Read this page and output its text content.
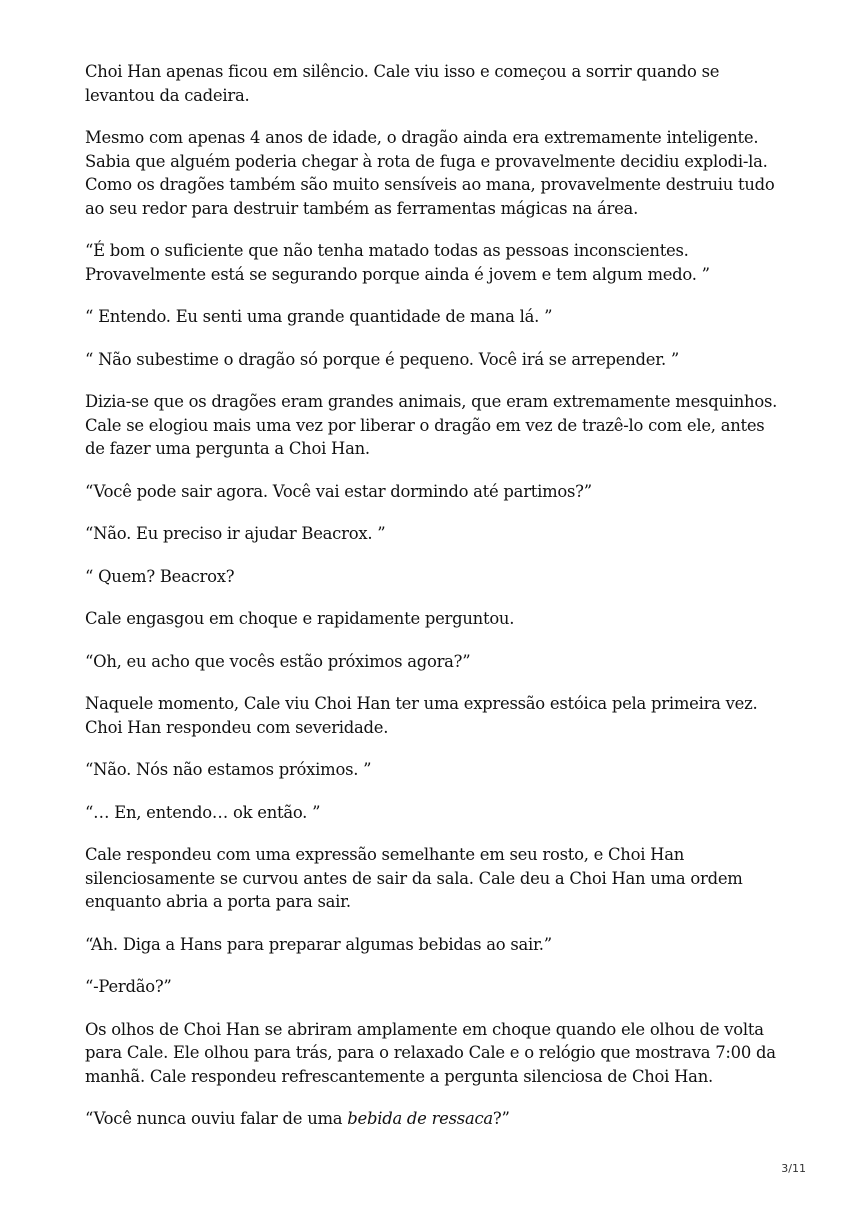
Choi Han apenas ficou em silêncio. Cale viu isso e começou a sorrir quando se levantou da cadeira.

Mesmo com apenas 4 anos de idade, o dragão ainda era extremamente inteligente. Sabia que alguém poderia chegar à rota de fuga e provavelmente decidiu explodi-la. Como os dragões também são muito sensíveis ao mana, provavelmente destruiu tudo ao seu redor para destruir também as ferramentas mágicas na área.

“É bom o suficiente que não tenha matado todas as pessoas inconscientes. Provavelmente está se segurando porque ainda é jovem e tem algum medo. ”

“ Entendo. Eu senti uma grande quantidade de mana lá. ”

“ Não subestime o dragão só porque é pequeno. Você irá se arrepender. ”

Dizia-se que os dragões eram grandes animais, que eram extremamente mesquinhos. Cale se elogiou mais uma vez por liberar o dragão em vez de trazê-lo com ele, antes de fazer uma pergunta a Choi Han.

“Você pode sair agora. Você vai estar dormindo até partimos?”

“Não. Eu preciso ir ajudar Beacrox. ”

“ Quem? Beacrox?

Cale engasgou em choque e rapidamente perguntou.

“Oh, eu acho que vocês estão próximos agora?”

Naquele momento, Cale viu Choi Han ter uma expressão estóica pela primeira vez. Choi Han respondeu com severidade.

“Não. Nós não estamos próximos. ”

“… En, entendo… ok então. ”

Cale respondeu com uma expressão semelhante em seu rosto, e Choi Han silenciosamente se curvou antes de sair da sala. Cale deu a Choi Han uma ordem enquanto abria a porta para sair.

“Ah. Diga a Hans para preparar algumas bebidas ao sair.”

“-Perdão?”

Os olhos de Choi Han se abriram amplamente em choque quando ele olhou de volta para Cale. Ele olhou para trás, para o relaxado Cale e o relógio que mostrava 7:00 da manhã. Cale respondeu refrescantemente a pergunta silenciosa de Choi Han.

“Você nunca ouviu falar de uma bebida de ressaca?”

3/11
